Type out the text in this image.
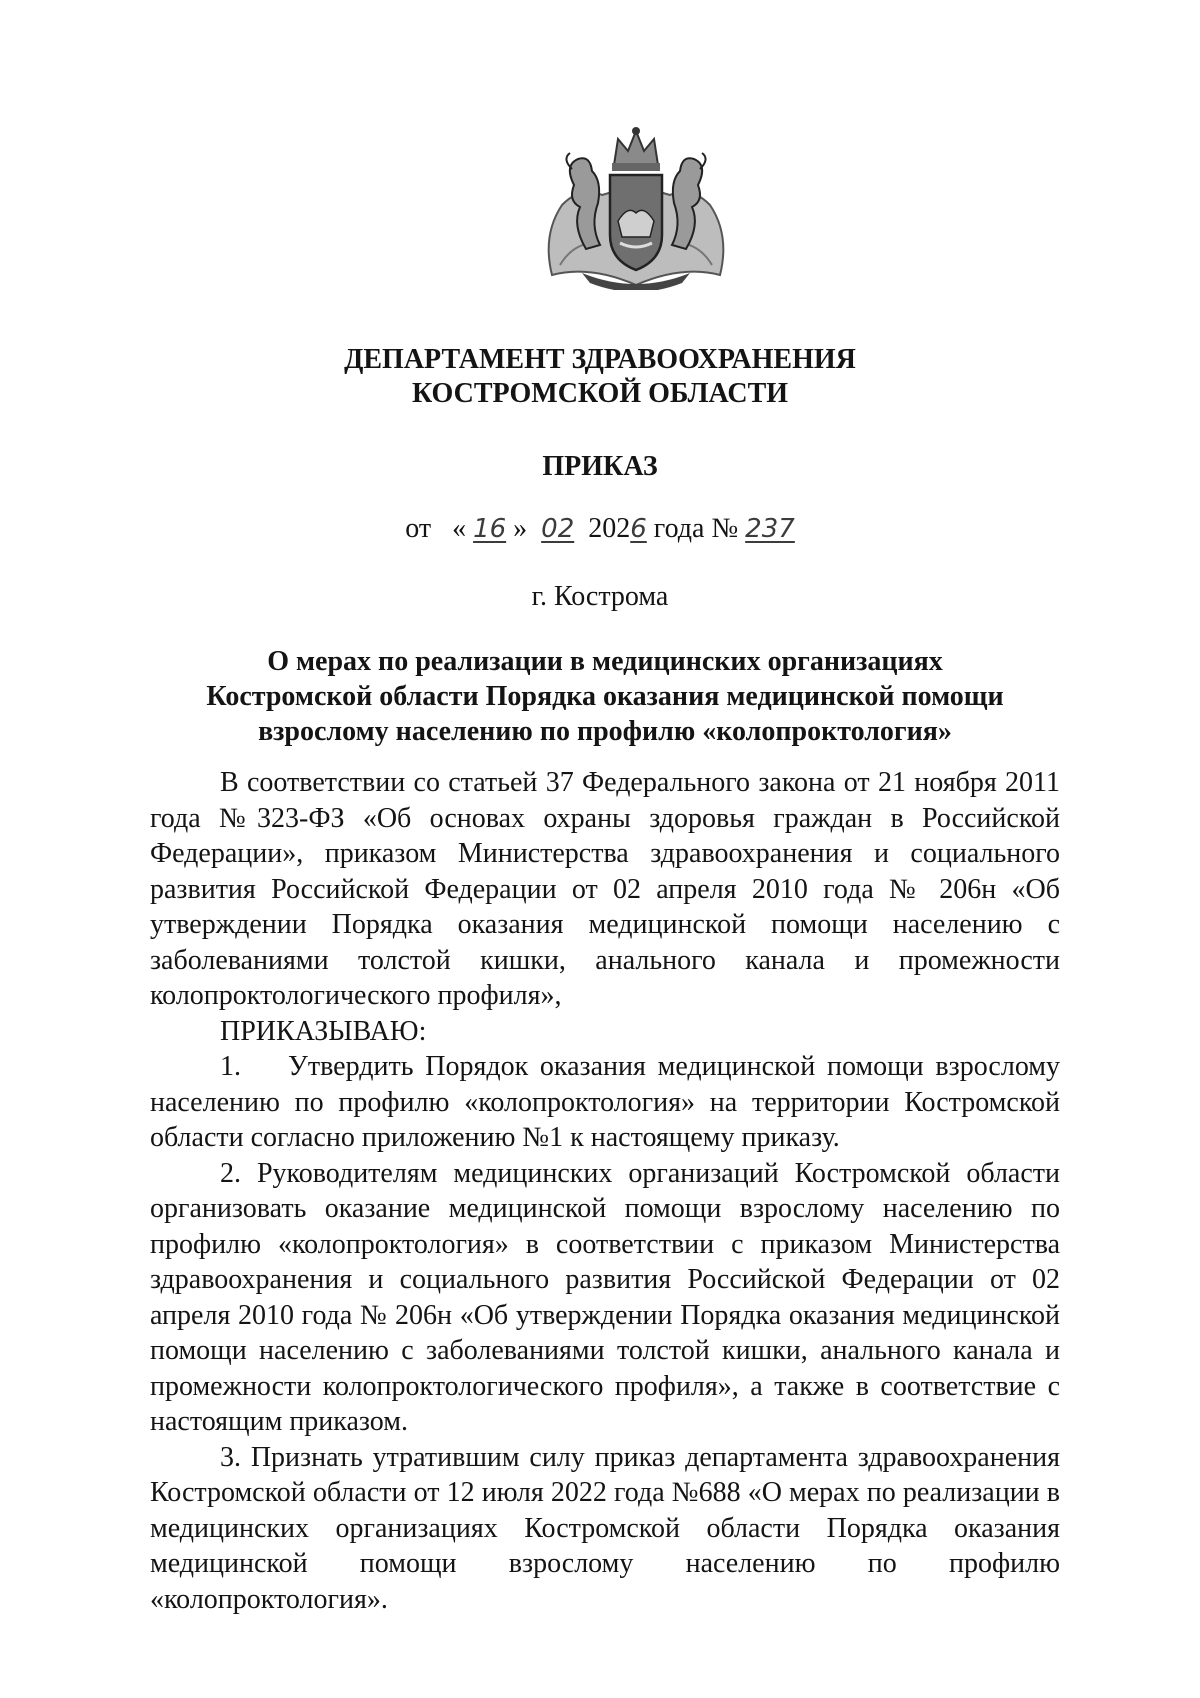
ДЕПАРТАМЕНТ ЗДРАВООХРАНЕНИЯ
КОСТРОМСКОЙ ОБЛАСТИ
ПРИКАЗ
от « 16 » 02 2026 года № 237
г. Кострома
О мерах по реализации в медицинских организациях
Костромской области Порядка оказания медицинской помощи
взрослому населению по профилю «колопроктология»

В соответствии со статьей 37 Федерального закона от 21 ноября 2011 года №323-ФЗ «Об основах охраны здоровья граждан в Российской Федерации», приказом Министерства здравоохранения и социального развития Российской Федерации от 02 апреля 2010 года № 206н «Об утверждении Порядка оказания медицинской помощи населению с заболеваниями толстой кишки, анального канала и промежности колопроктологического профиля»,

ПРИКАЗЫВАЮ:

1.    Утвердить Порядок оказания медицинской помощи взрослому населению по профилю «колопроктология» на территории Костромской области согласно приложению №1 к настоящему приказу.

2. Руководителям медицинских организаций Костромской области организовать оказание медицинской помощи взрослому населению по профилю «колопроктология» в соответствии с приказом Министерства здравоохранения и социального развития Российской Федерации от 02 апреля 2010 года № 206н «Об утверждении Порядка оказания медицинской помощи населению с заболеваниями толстой кишки, анального канала и промежности колопроктологического профиля», а также в соответствие с настоящим приказом.

3. Признать утратившим силу приказ департамента здравоохранения Костромской области от 12 июля 2022 года №688 «О мерах по реализации в медицинских организациях Костромской области Порядка оказания медицинской помощи взрослому населению по профилю «колопроктология».
